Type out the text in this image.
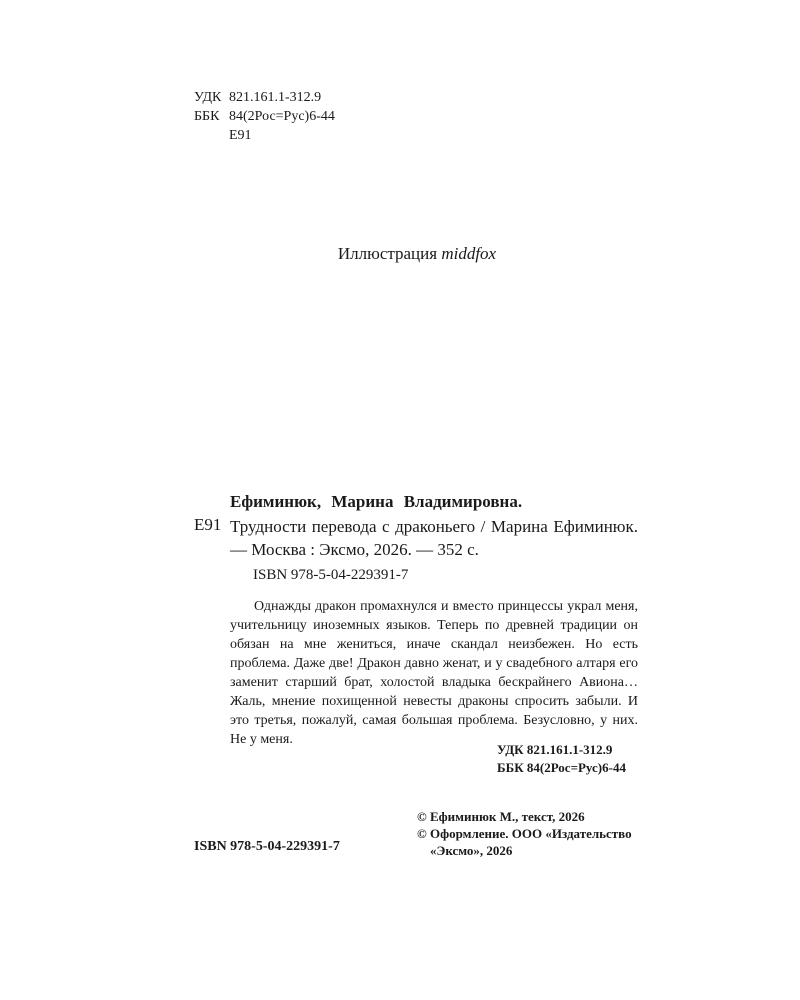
УДК 821.161.1-312.9
ББК 84(2Рос=Рус)6-44
Е91
Иллюстрация middfox
Ефиминюк, Марина Владимировна.
Е91 Трудности перевода с драконьего / Марина Ефиминюк. — Москва : Эксмо, 2026. — 352 с.
ISBN 978-5-04-229391-7

Однажды дракон промахнулся и вместо принцессы украл меня, учительницу иноземных языков. Теперь по древней традиции он обязан на мне жениться, иначе скандал неизбежен. Но есть проблема. Даже две! Дракон давно женат, и у свадебного алтаря его заменит старший брат, холостой владыка бескрайнего Авиона… Жаль, мнение похищенной невесты драконы спросить забыли. И это третья, пожалуй, самая большая проблема. Безусловно, у них. Не у меня.

УДК 821.161.1-312.9
ББК 84(2Рос=Рус)6-44
© Ефиминюк М., текст, 2026
© Оформление. ООО «Издательство
«Эксмо», 2026
ISBN 978-5-04-229391-7
